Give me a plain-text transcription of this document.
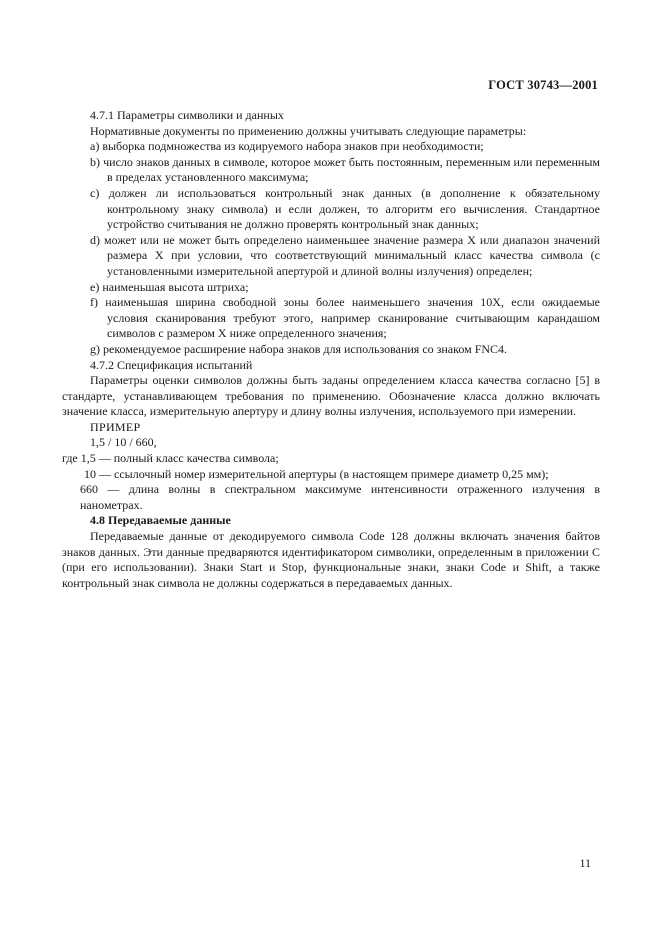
ГОСТ 30743—2001

4.7.1 Параметры символики и данных

Нормативные документы по применению должны учитывать следующие параметры:

a) выборка подмножества из кодируемого набора знаков при необходимости;

b) число знаков данных в символе, которое может быть постоянным, переменным или переменным в пределах установленного максимума;

c) должен ли использоваться контрольный знак данных (в дополнение к обязательному контрольному знаку символа) и если должен, то алгоритм его вычисления. Стандартное устройство считывания не должно проверять контрольный знак данных;

d) может или не может быть определено наименьшее значение размера X или диапазон значений размера X при условии, что соответствующий минимальный класс качества символа (с установленными измерительной апертурой и длиной волны излучения) определен;

e) наименьшая высота штриха;

f) наименьшая ширина свободной зоны более наименьшего значения 10X, если ожидаемые условия сканирования требуют этого, например сканирование считывающим карандашом символов с размером X ниже определенного значения;

g) рекомендуемое расширение набора знаков для использования со знаком FNC4.

4.7.2 Спецификация испытаний

Параметры оценки символов должны быть заданы определением класса качества согласно [5] в стандарте, устанавливающем требования по применению. Обозначение класса должно включать значение класса, измерительную апертуру и длину волны излучения, используемого при измерении.

ПРИМЕР

1,5 / 10 / 660,

где 1,5 — полный класс качества символа;

10 — ссылочный номер измерительной апертуры (в настоящем примере диаметр 0,25 мм);

660 — длина волны в спектральном максимуме интенсивности отраженного излучения в нанометрах.

4.8 Передаваемые данные

Передаваемые данные от декодируемого символа Code 128 должны включать значения байтов знаков данных. Эти данные предваряются идентификатором символики, определенным в приложении С (при его использовании). Знаки Start и Stop, функциональные знаки, знаки Code и Shift, а также контрольный знак символа не должны содержаться в передаваемых данных.

11
